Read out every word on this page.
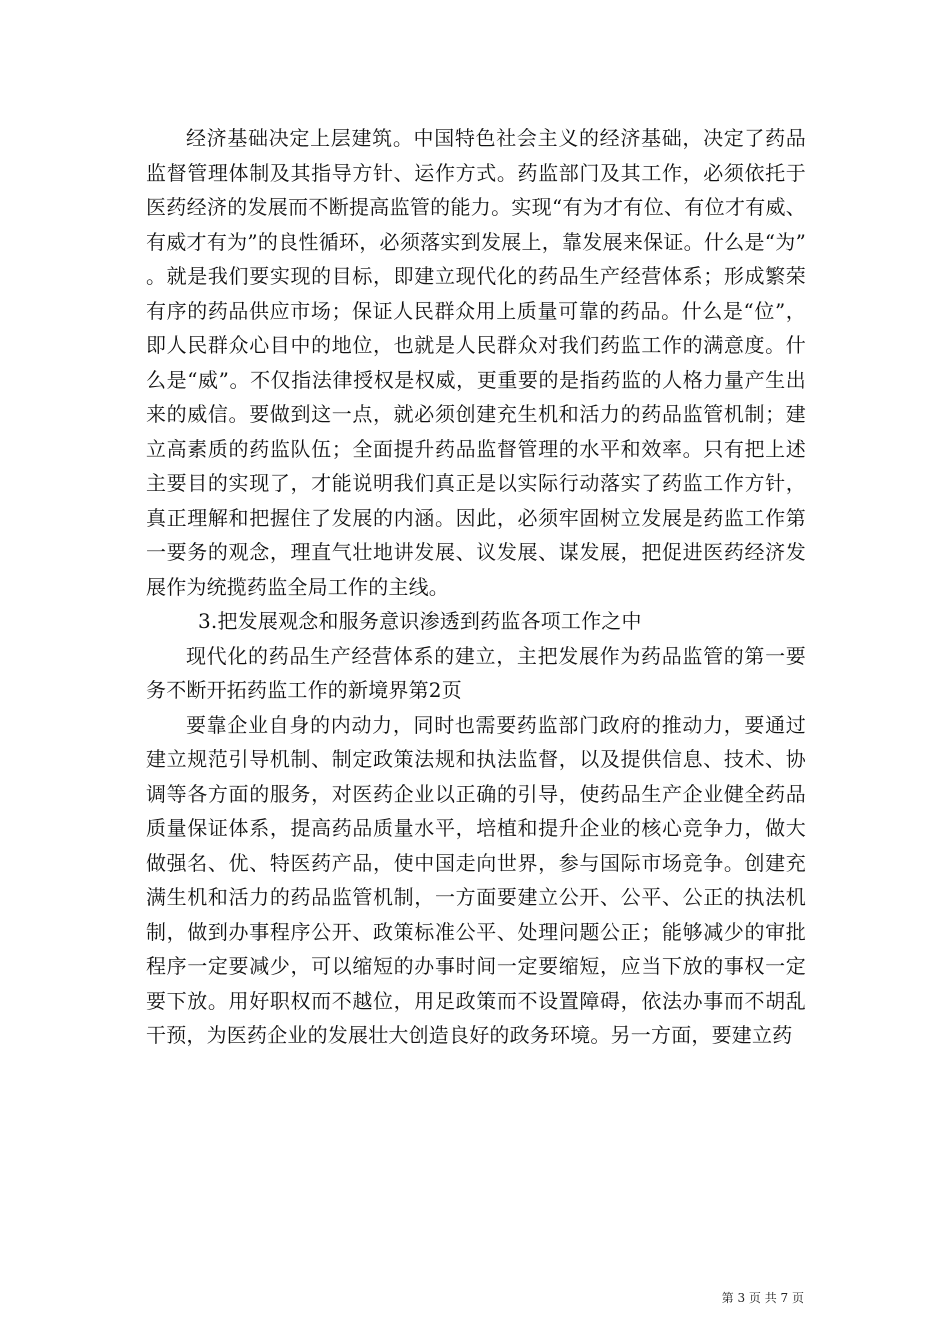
经济基础决定上层建筑。中国特色社会主义的经济基础，决定了药品监督管理体制及其指导方针、运作方式。药监部门及其工作，必须依托于医药经济的发展而不断提高监管的能力。实现“有为才有位、有位才有威、有威才有为”的良性循环，必须落实到发展上，靠发展来保证。什么是“为”。就是我们要实现的目标，即建立现代化的药品生产经营体系；形成繁荣有序的药品供应市场；保证人民群众用上质量可靠的药品。什么是“位”，即人民群众心目中的地位，也就是人民群众对我们药监工作的满意度。什么是“威”。不仅指法律授权是权威，更重要的是指药监的人格力量产生出来的威信。要做到这一点，就必须创建充生机和活力的药品监管机制；建立高素质的药监队伍；全面提升药品监督管理的水平和效率。只有把上述主要目的实现了，才能说明我们真正是以实际行动落实了药监工作方针，真正理解和把握住了发展的内涵。因此，必须牢固树立发展是药监工作第一要务的观念，理直气壮地讲发展、议发展、谋发展，把促进医药经济发展作为统揽药监全局工作的主线。

3.把发展观念和服务意识渗透到药监各项工作之中

现代化的药品生产经营体系的建立，主把发展作为药品监管的第一要务不断开拓药监工作的新境界第2页

要靠企业自身的内动力，同时也需要药监部门政府的推动力，要通过建立规范引导机制、制定政策法规和执法监督，以及提供信息、技术、协调等各方面的服务，对医药企业以正确的引导，使药品生产企业健全药品质量保证体系，提高药品质量水平，培植和提升企业的核心竞争力，做大做强名、优、特医药产品，使中国走向世界，参与国际市场竞争。创建充满生机和活力的药品监管机制，一方面要建立公开、公平、公正的执法机制，做到办事程序公开、政策标准公平、处理问题公正；能够减少的审批程序一定要减少，可以缩短的办事时间一定要缩短，应当下放的事权一定要下放。用好职权而不越位，用足政策而不设置障碍，依法办事而不胡乱干预，为医药企业的发展壮大创造良好的政务环境。另一方面，要建立药

第 3 页 共 7 页
